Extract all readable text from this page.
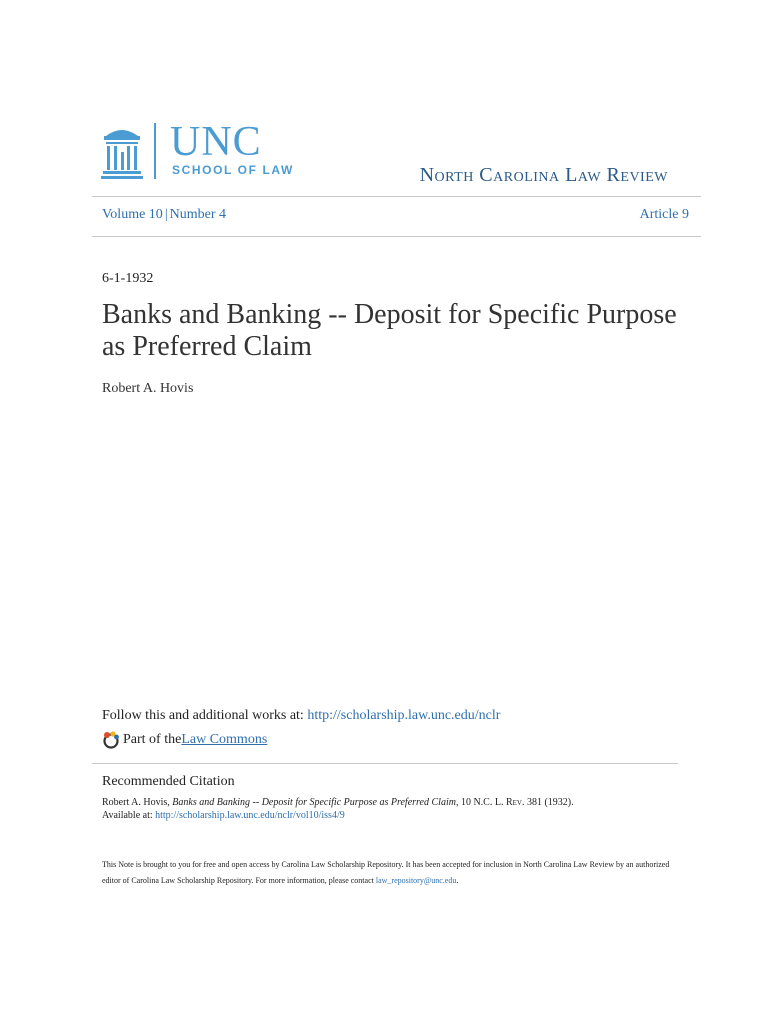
UNC
SCHOOL OF LAW	North Carolina Law Review
Volume 10 | Number 4	Article 9
6-1-1932
Banks and Banking -- Deposit for Specific Purpose as Preferred Claim
Robert A. Hovis
Follow this and additional works at: http://scholarship.law.unc.edu/nclr
Part of the Law Commons
Recommended Citation
Robert A. Hovis, Banks and Banking -- Deposit for Specific Purpose as Preferred Claim, 10 N.C. L. Rev. 381 (1932).
Available at: http://scholarship.law.unc.edu/nclr/vol10/iss4/9
This Note is brought to you for free and open access by Carolina Law Scholarship Repository. It has been accepted for inclusion in North Carolina Law Review by an authorized editor of Carolina Law Scholarship Repository. For more information, please contact law_repository@unc.edu.
